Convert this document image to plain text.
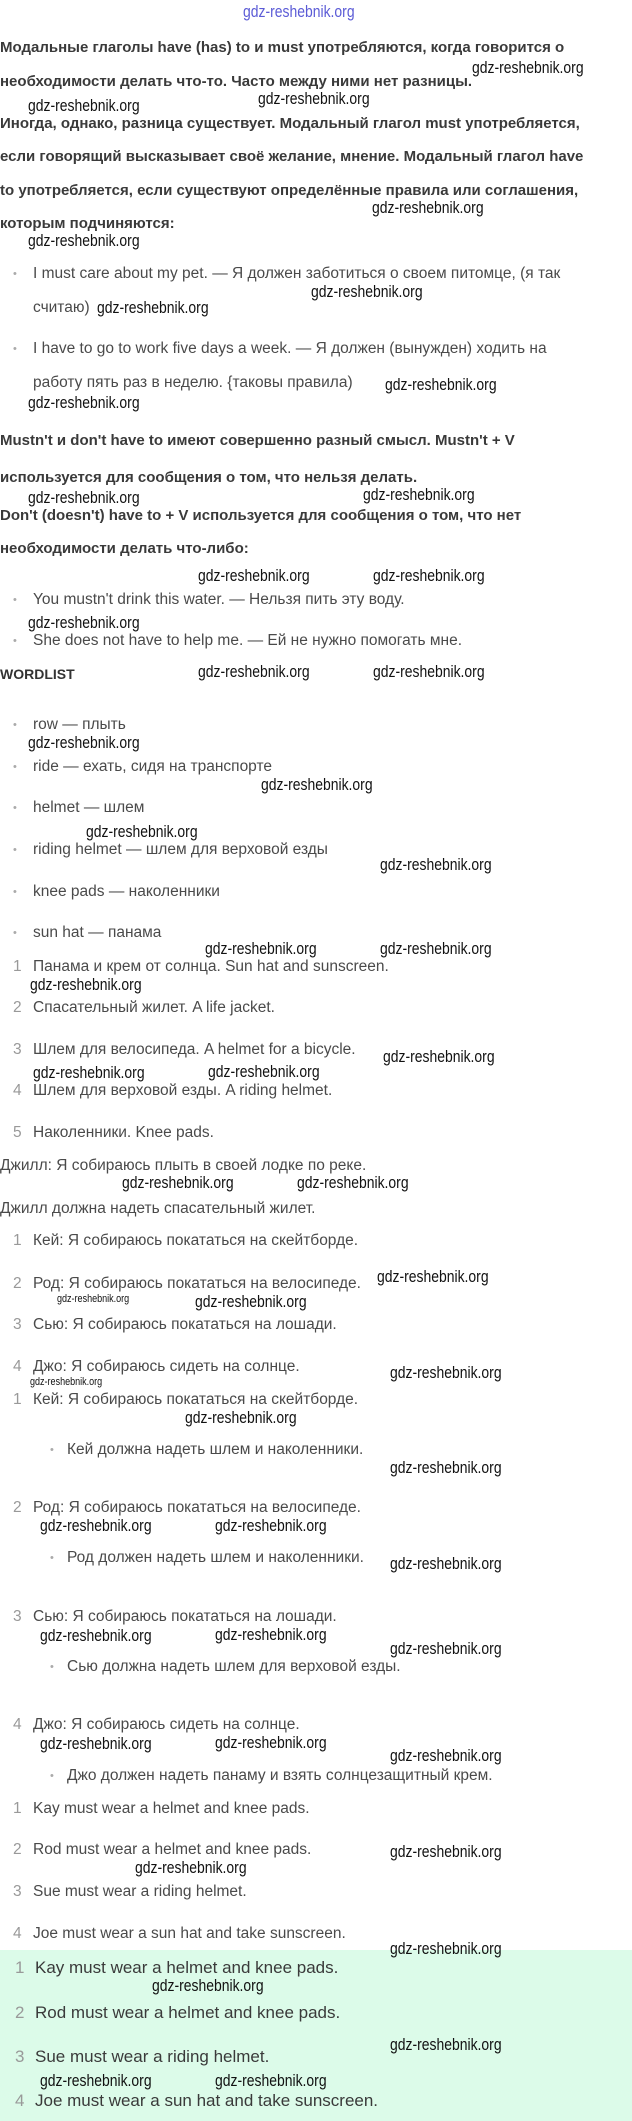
gdz-reshebnik.org
Модальные глаголы have (has) to и must употребляются, когда говорится о
необходимости делать что-то. Часто между ними нет разницы.
Иногда, однако, разница существует. Модальный глагол must употребляется,
если говорящий высказывает своё желание, мнение. Модальный глагол have
to употребляется, если существуют определённые правила или соглашения,
которым подчиняются:
• I must care about my pet. — Я должен заботиться о своем питомце, (я так
считаю)
• I have to go to work five days a week. — Я должен (вынужден) ходить на
работу пять раз в неделю. {таковы правила)
Mustn't и don't have to имеют совершенно разный смысл. Mustn't + V
используется для сообщения о том, что нельзя делать.
Don't (doesn't) have to + V используется для сообщения о том, что нет
необходимости делать что-либо:
• You mustn't drink this water. — Нельзя пить эту воду.
• She does not have to help me. — Ей не нужно помогать мне.
WORDLIST
• row — плыть
• ride — ехать, сидя на транспорте
• helmet — шлем
• riding helmet — шлем для верховой езды
• knee pads — наколенники
• sun hat — панама
1 Панама и крем от солнца. Sun hat and sunscreen.
2 Спасательный жилет. A life jacket.
3 Шлем для велосипеда. A helmet for a bicycle.
4 Шлем для верховой езды. A riding helmet.
5 Наколенники. Knee pads.
Джилл: Я собираюсь плыть в своей лодке по реке.
Джилл должна надеть спасательный жилет.
1 Кей: Я собираюсь покататься на скейтборде.
2 Род: Я собираюсь покататься на велосипеде.
3 Сью: Я собираюсь покататься на лошади.
4 Джо: Я собираюсь сидеть на солнце.
1 Кей: Я собираюсь покататься на скейтборде.
• Кей должна надеть шлем и наколенники.
2 Род: Я собираюсь покататься на велосипеде.
• Род должен надеть шлем и наколенники.
3 Сью: Я собираюсь покататься на лошади.
• Сью должна надеть шлем для верховой езды.
4 Джо: Я собираюсь сидеть на солнце.
• Джо должен надеть панаму и взять солнцезащитный крем.
1 Kay must wear a helmet and knee pads.
2 Rod must wear a helmet and knee pads.
3 Sue must wear a riding helmet.
4 Joe must wear a sun hat and take sunscreen.
1 Kay must wear a helmet and knee pads.
2 Rod must wear a helmet and knee pads.
3 Sue must wear a riding helmet.
4 Joe must wear a sun hat and take sunscreen.
gdz-reshebnik.org
gdz-reshebnik.org
gdz-reshebnik.org
gdz-reshebnik.org
gdz-reshebnik.org
gdz-reshebnik.org
gdz-reshebnik.org
gdz-reshebnik.org
gdz-reshebnik.org
gdz-reshebnik.org
gdz-reshebnik.org
gdz-reshebnik.org	gdz-reshebnik.org
gdz-reshebnik.org
gdz-reshebnik.org	gdz-reshebnik.org
gdz-reshebnik.org
gdz-reshebnik.org
gdz-reshebnik.org
gdz-reshebnik.org
gdz-reshebnik.org
gdz-reshebnik.org	gdz-reshebnik.org
gdz-reshebnik.org
gdz-reshebnik.org	gdz-reshebnik.org
gdz-reshebnik.org	gdz-reshebnik.org
gdz-reshebnik.org
gdz-reshebnik.org	gdz-reshebnik.org
gdz-reshebnik.org
gdz-reshebnik.org
gdz-reshebnik.org
gdz-reshebnik.org
gdz-reshebnik.org	gdz-reshebnik.org
gdz-reshebnik.org
gdz-reshebnik.org	gdz-reshebnik.org
gdz-reshebnik.org
gdz-reshebnik.org	gdz-reshebnik.org
gdz-reshebnik.org
gdz-reshebnik.org
gdz-reshebnik.org
gdz-reshebnik.org
gdz-reshebnik.org
gdz-reshebnik.org
gdz-reshebnik.org	gdz-reshebnik.org
